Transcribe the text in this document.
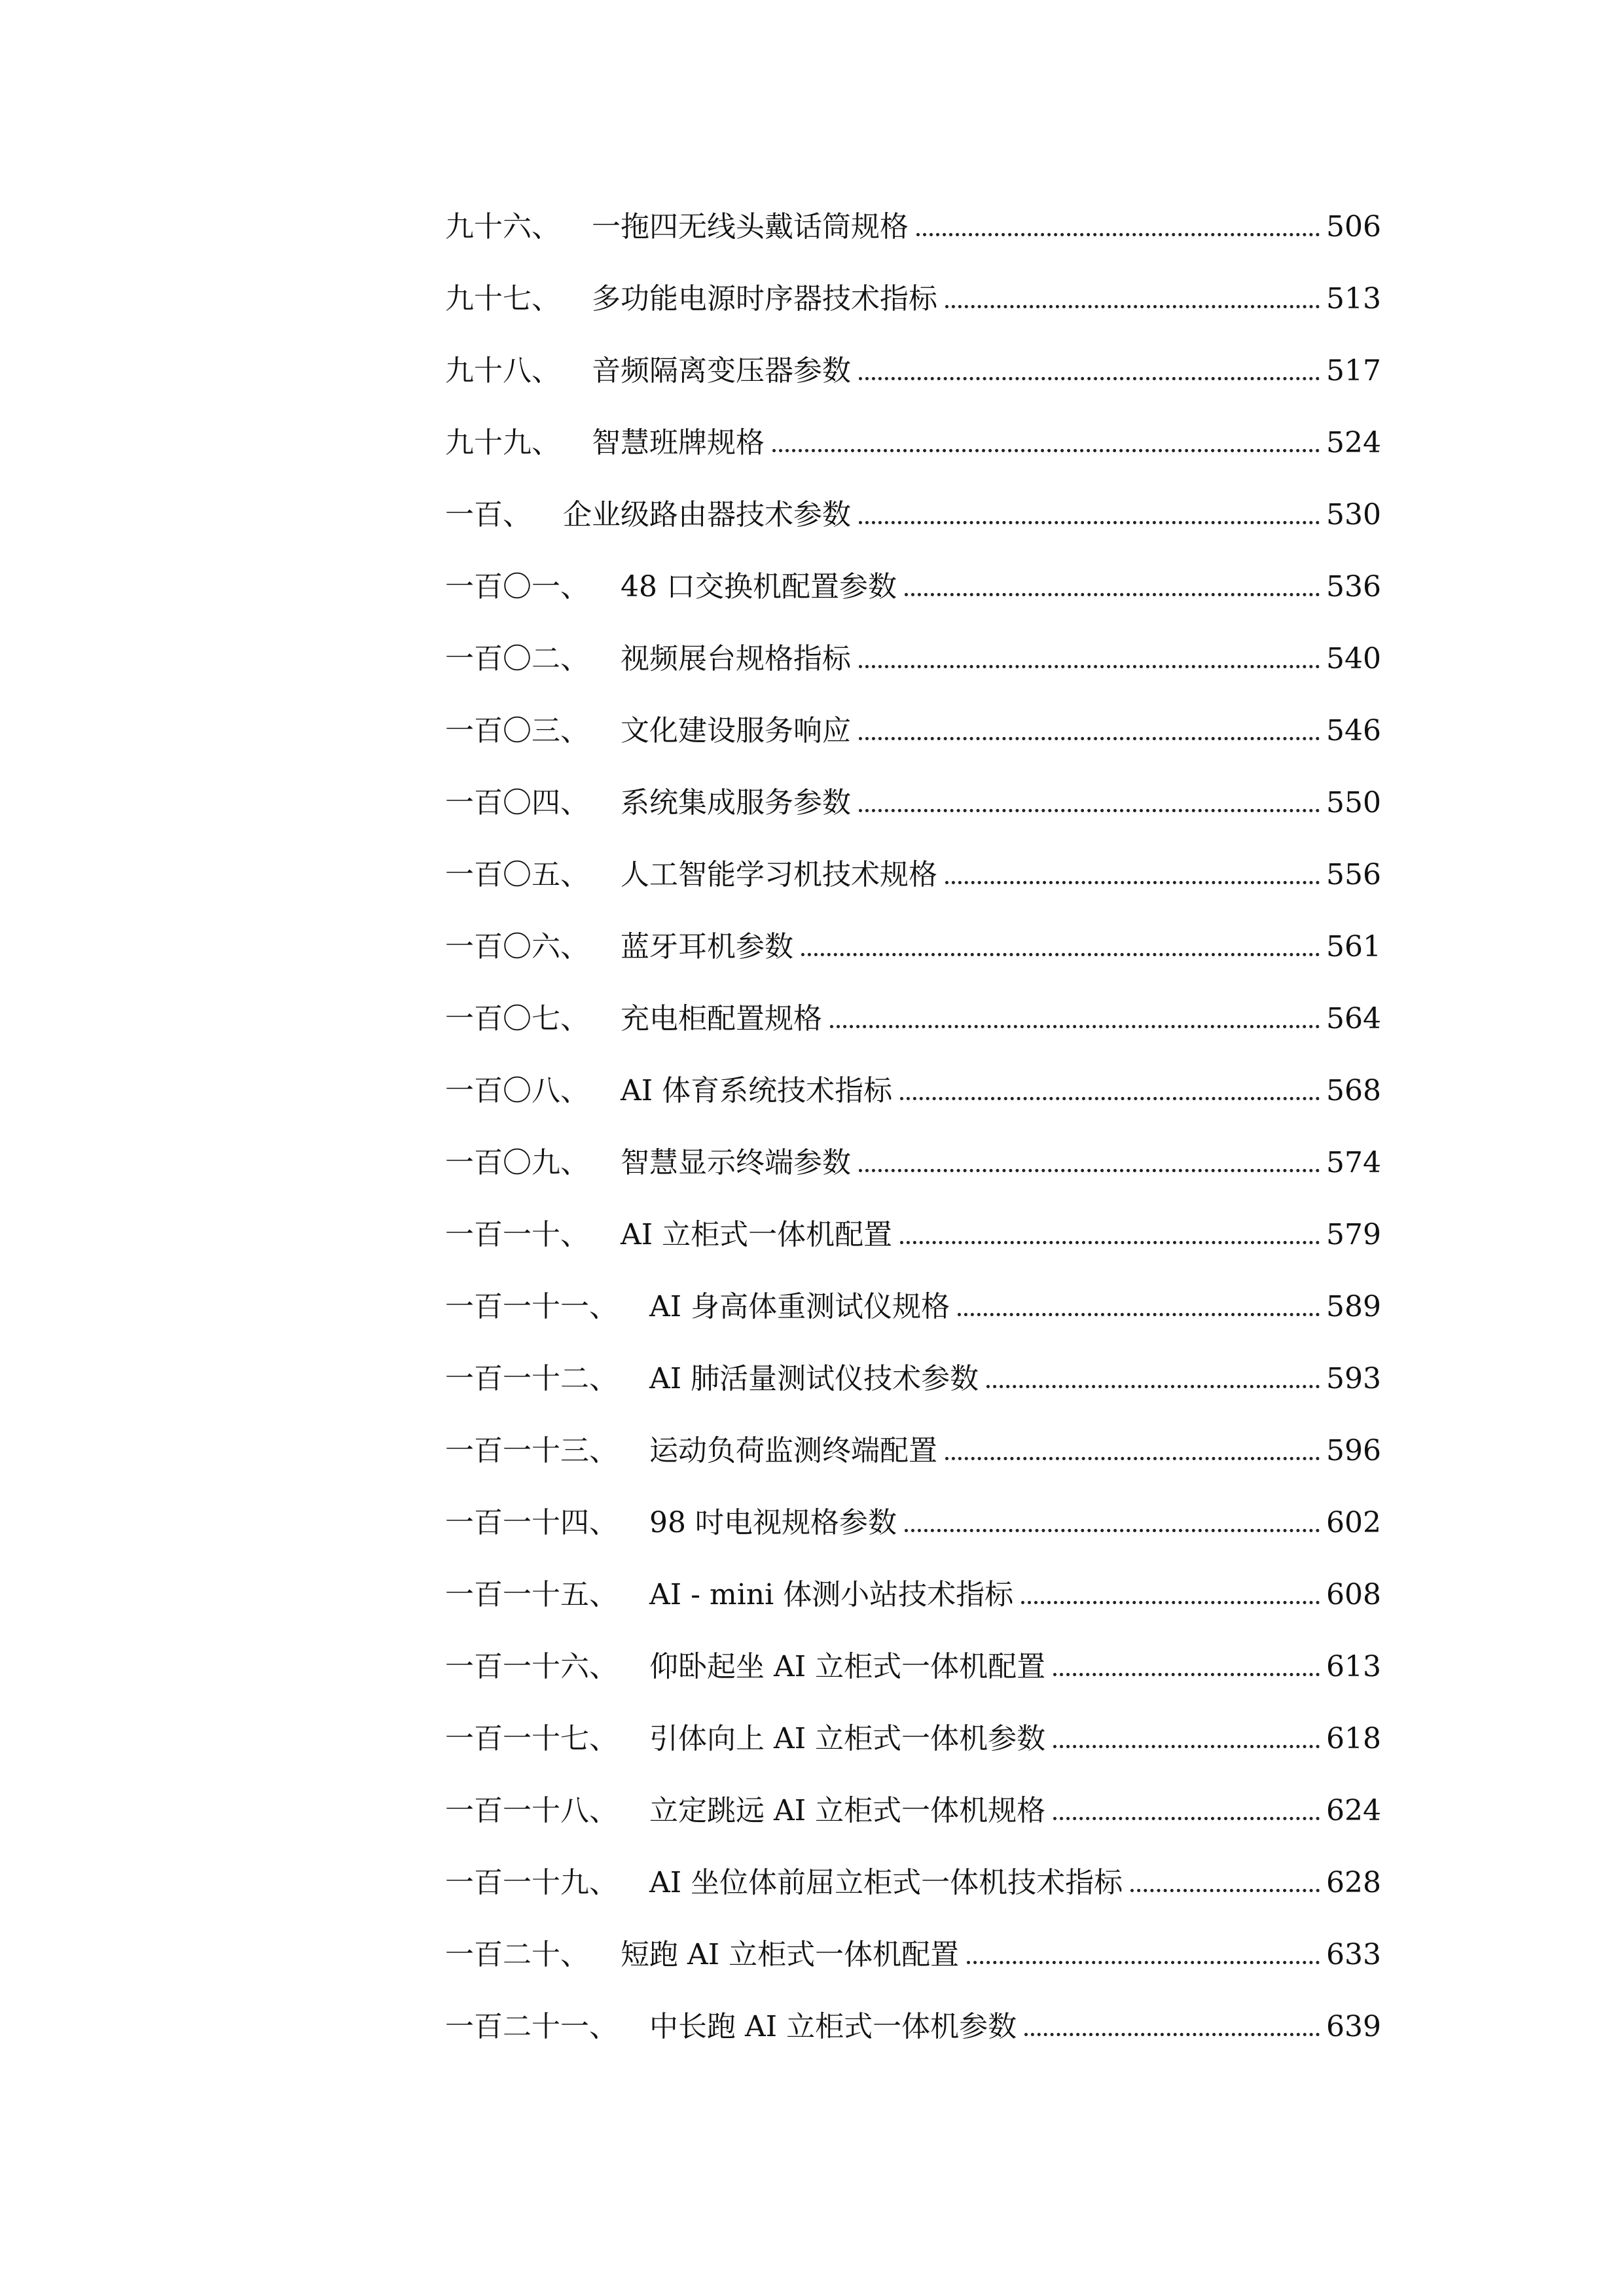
九十六、 一拖四无线头戴话筒规格	506
九十七、 多功能电源时序器技术指标	513
九十八、 音频隔离变压器参数	517
九十九、 智慧班牌规格	524
一百、 企业级路由器技术参数	530
一百〇一、 48 口交换机配置参数	536
一百〇二、 视频展台规格指标	540
一百〇三、 文化建设服务响应	546
一百〇四、 系统集成服务参数	550
一百〇五、 人工智能学习机技术规格	556
一百〇六、 蓝牙耳机参数	561
一百〇七、 充电柜配置规格	564
一百〇八、 AI 体育系统技术指标	568
一百〇九、 智慧显示终端参数	574
一百一十、 AI 立柜式一体机配置	579
一百一十一、 AI 身高体重测试仪规格	589
一百一十二、 AI 肺活量测试仪技术参数	593
一百一十三、 运动负荷监测终端配置	596
一百一十四、 98 吋电视规格参数	602
一百一十五、 AI - mini 体测小站技术指标	608
一百一十六、 仰卧起坐 AI 立柜式一体机配置	613
一百一十七、 引体向上 AI 立柜式一体机参数	618
一百一十八、 立定跳远 AI 立柜式一体机规格	624
一百一十九、 AI 坐位体前屈立柜式一体机技术指标	628
一百二十、 短跑 AI 立柜式一体机配置	633
一百二十一、 中长跑 AI 立柜式一体机参数	639
